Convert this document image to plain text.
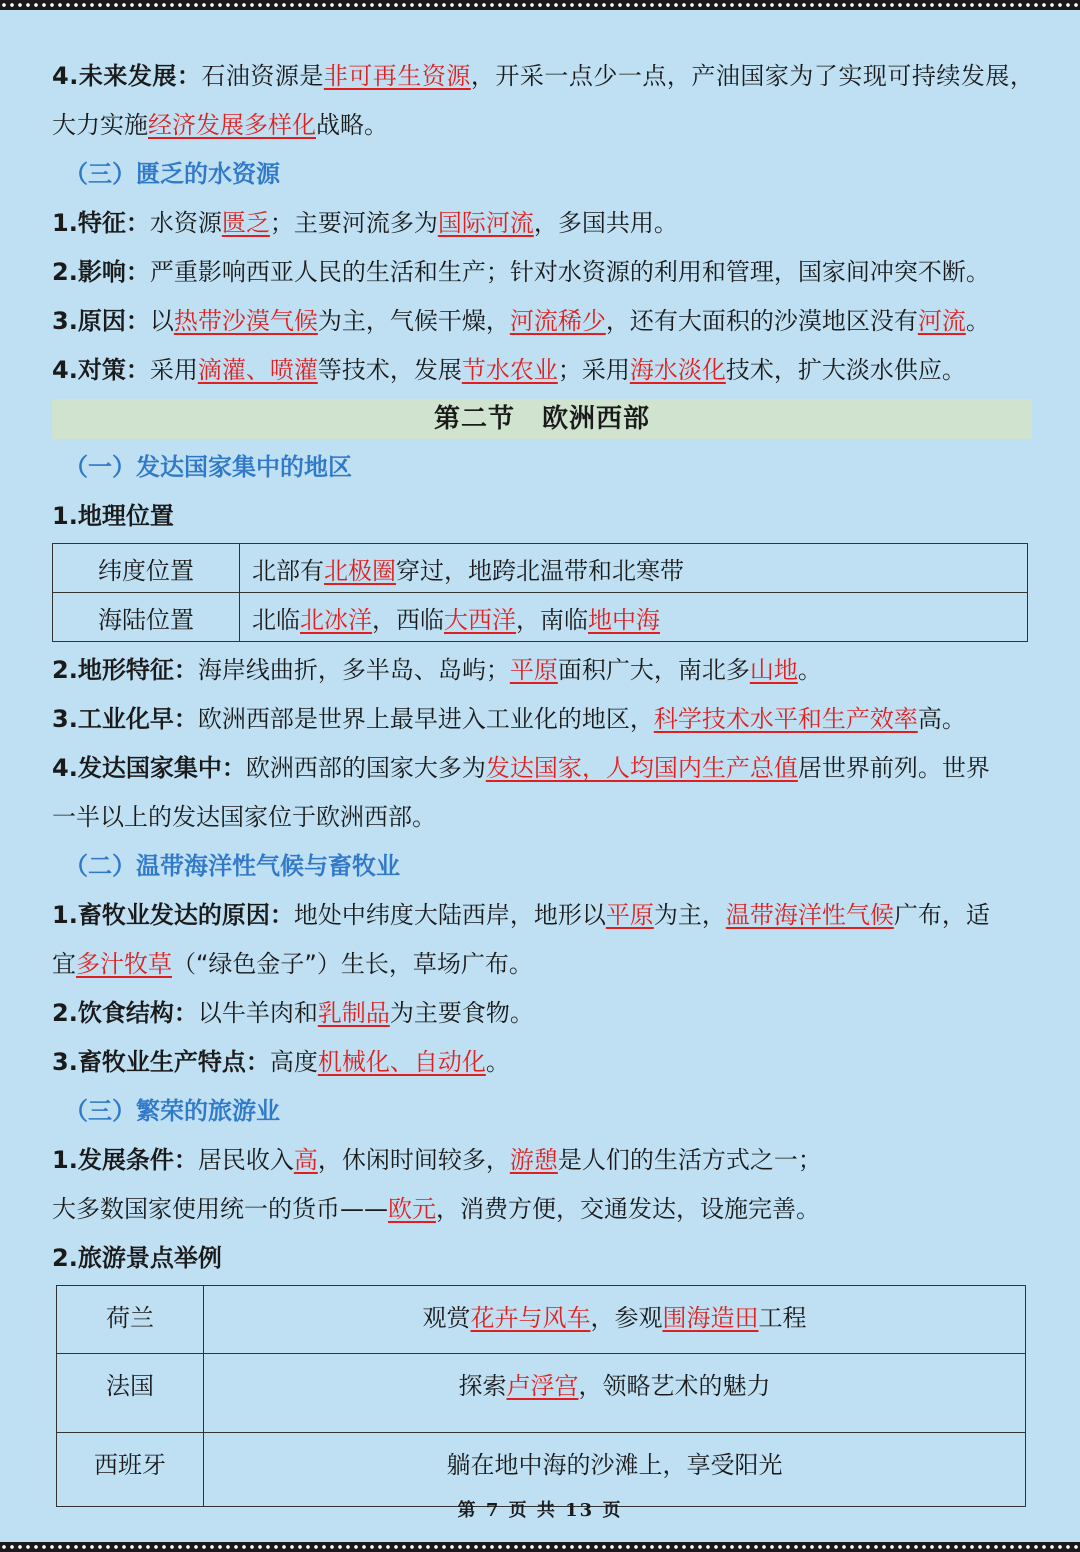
4.未来发展：石油资源是非可再生资源，开采一点少一点，产油国家为了实现可持续发展，
大力实施经济发展多样化战略。
（三）匮乏的水资源
1.特征：水资源匮乏；主要河流多为国际河流，多国共用。
2.影响：严重影响西亚人民的生活和生产；针对水资源的利用和管理，国家间冲突不断。
3.原因：以热带沙漠气候为主，气候干燥，河流稀少，还有大面积的沙漠地区没有河流。
4.对策：采用滴灌、喷灌等技术，发展节水农业；采用海水淡化技术，扩大淡水供应。
第二节　欧洲西部
（一）发达国家集中的地区
1.地理位置
纬度位置	北部有北极圈穿过，地跨北温带和北寒带
海陆位置	北临北冰洋，西临大西洋，南临地中海
2.地形特征：海岸线曲折，多半岛、岛屿；平原面积广大，南北多山地。
3.工业化早：欧洲西部是世界上最早进入工业化的地区，科学技术水平和生产效率高。
4.发达国家集中：欧洲西部的国家大多为发达国家，人均国内生产总值居世界前列。世界
一半以上的发达国家位于欧洲西部。
（二）温带海洋性气候与畜牧业
1.畜牧业发达的原因：地处中纬度大陆西岸，地形以平原为主，温带海洋性气候广布，适
宜多汁牧草（“绿色金子”）生长，草场广布。
2.饮食结构：以牛羊肉和乳制品为主要食物。
3.畜牧业生产特点：高度机械化、自动化。
（三）繁荣的旅游业
1.发展条件：居民收入高，休闲时间较多，游憩是人们的生活方式之一；
大多数国家使用统一的货币——欧元，消费方便，交通发达，设施完善。
2.旅游景点举例
荷兰	观赏花卉与风车，参观围海造田工程
法国	探索卢浮宫，领略艺术的魅力
西班牙	躺在地中海的沙滩上，享受阳光
第 7 页 共 13 页
